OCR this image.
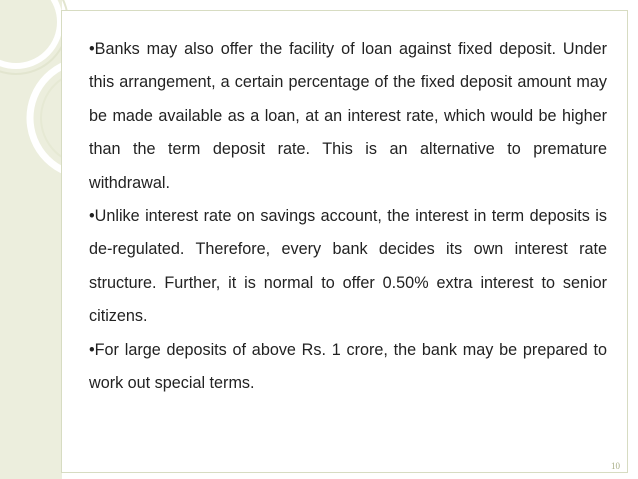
•Banks may also offer the facility of loan against fixed deposit. Under this arrangement, a certain percentage of the fixed deposit amount may be made available as a loan, at an interest rate, which would be higher than the term deposit rate. This is an alternative to premature withdrawal.
•Unlike interest rate on savings account, the interest in term deposits is de-regulated. Therefore, every bank decides its own interest rate structure. Further, it is normal to offer 0.50% extra interest to senior citizens.
•For large deposits of above Rs. 1 crore, the bank may be prepared to work out special terms.
10
